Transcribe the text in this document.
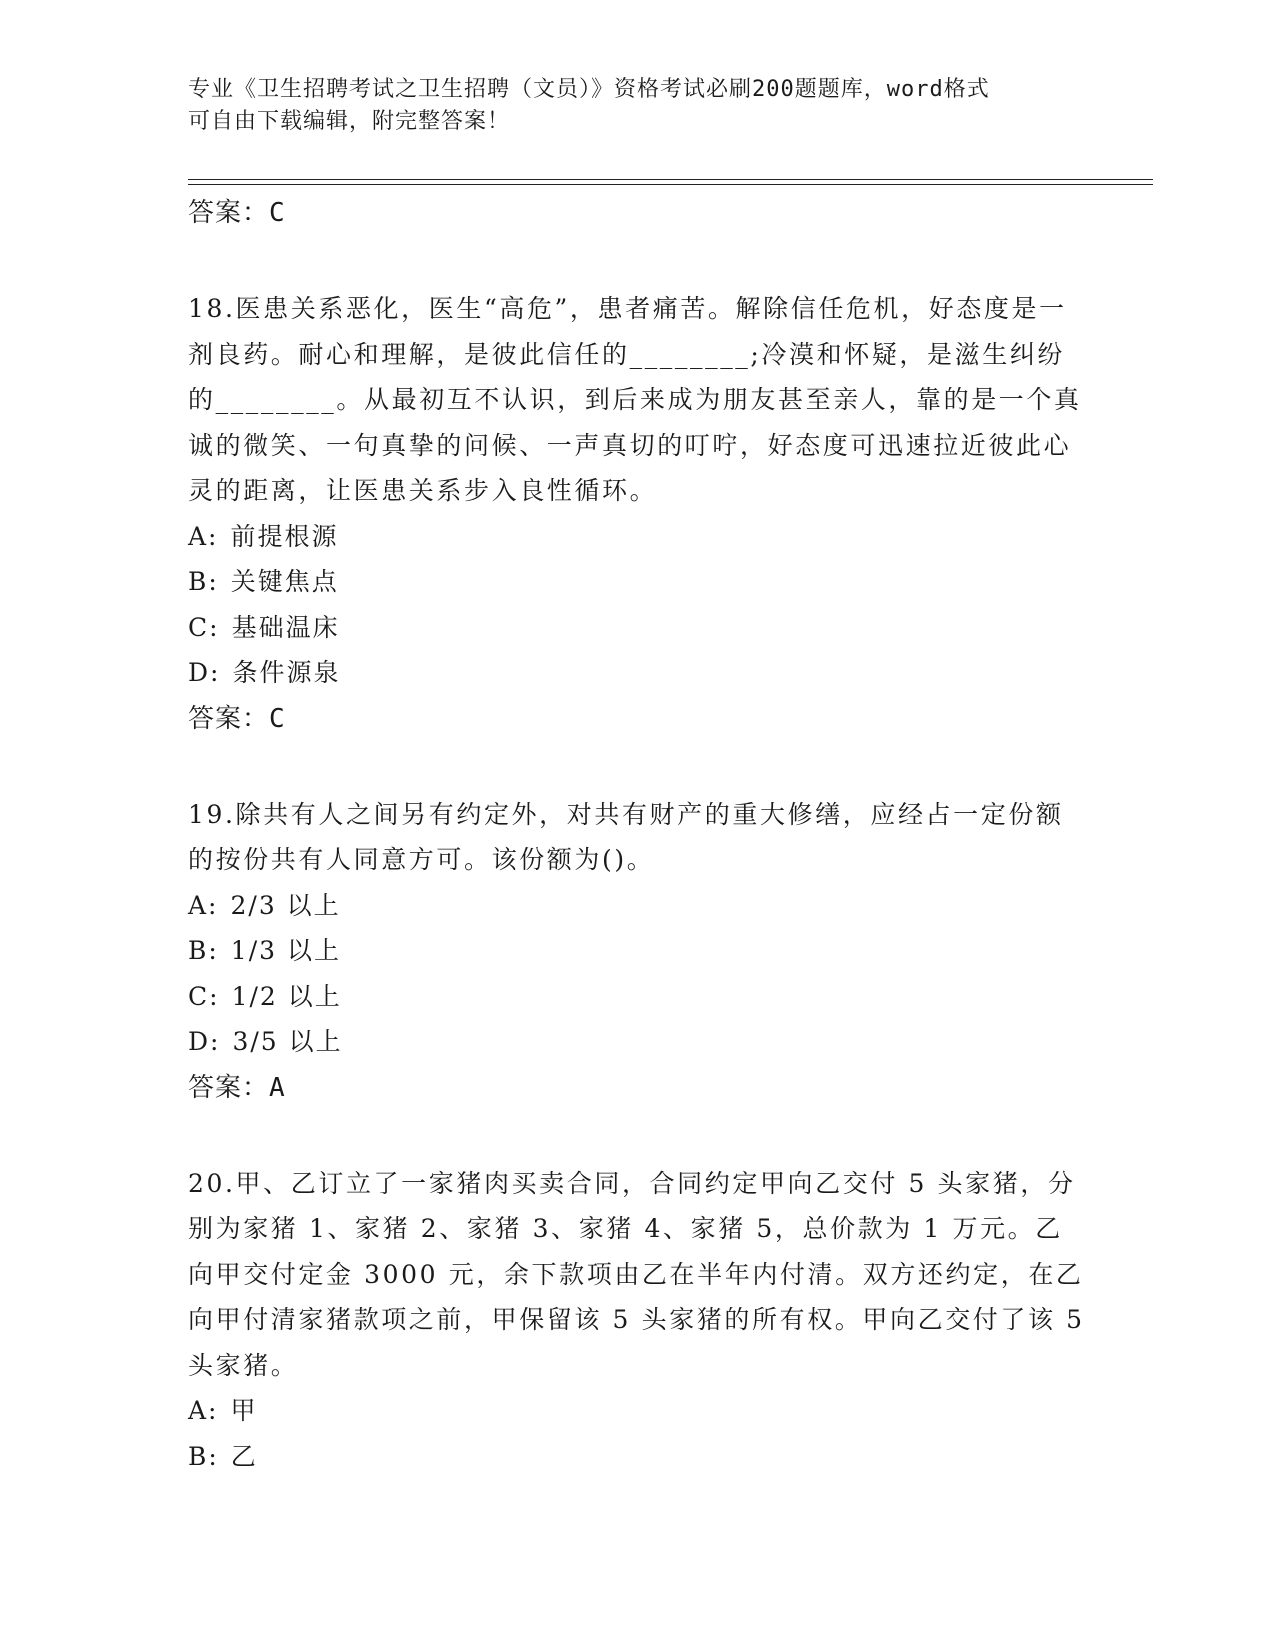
专业《卫生招聘考试之卫生招聘（文员）》资格考试必刷200题题库，word格式
可自由下载编辑，附完整答案！
答案：C

18.医患关系恶化，医生“高危”，患者痛苦。解除信任危机，好态度是一剂良药。耐心和理解，是彼此信任的________;冷漠和怀疑，是滋生纠纷的________。从最初互不认识，到后来成为朋友甚至亲人，靠的是一个真诚的微笑、一句真挚的问候、一声真切的叮咛，好态度可迅速拉近彼此心灵的距离，让医患关系步入良性循环。

A: 前提根源
B: 关键焦点
C: 基础温床
D: 条件源泉
答案：C

19.除共有人之间另有约定外，对共有财产的重大修缮，应经占一定份额的按份共有人同意方可。该份额为()。

A: 2/3 以上
B: 1/3 以上
C: 1/2 以上
D: 3/5 以上
答案：A

20.甲、乙订立了一家猪肉买卖合同，合同约定甲向乙交付 5 头家猪，分别为家猪 1、家猪 2、家猪 3、家猪 4、家猪 5，总价款为 1 万元。乙向甲交付定金 3000 元，余下款项由乙在半年内付清。双方还约定，在乙向甲付清家猪款项之前，甲保留该 5 头家猪的所有权。甲向乙交付了该 5 头家猪。

A: 甲
B: 乙
